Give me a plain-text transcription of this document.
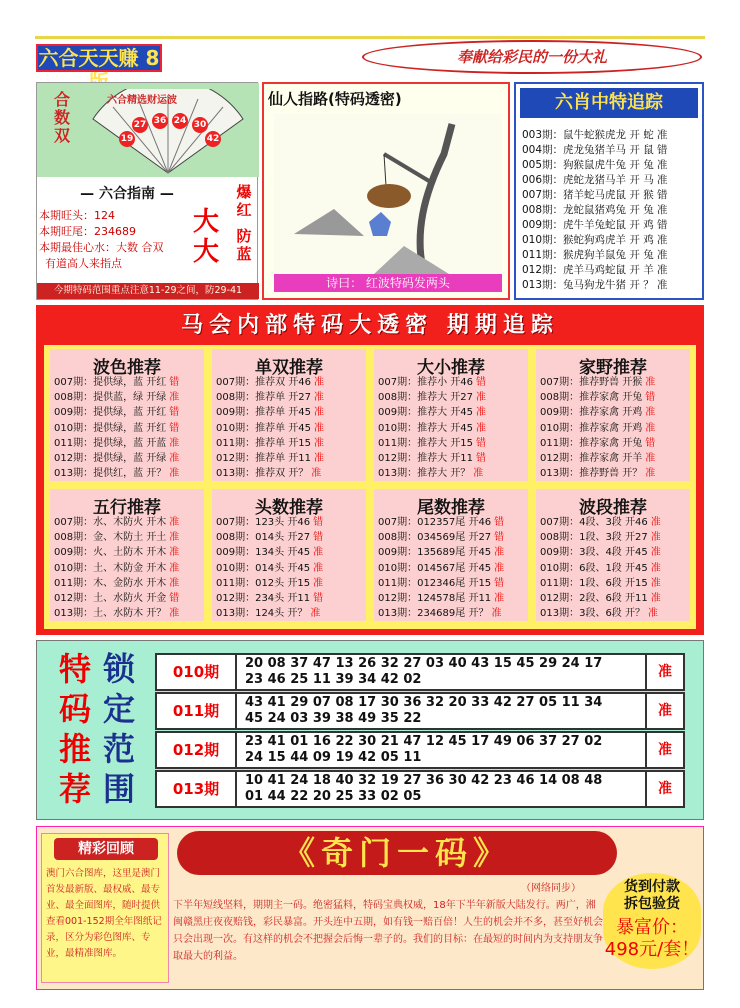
六合天天赚 8	奉献给彩民的一份大礼
合数双
六合精选财运波
27 36 24 30
19	42
— 六合指南 —
本期旺头：124
本期旺尾：234689
本期最佳心水：大数 合双
有道高人来指点
大
大
爆红
防蓝
今期特码范围重点注意11-29之间，防29-41
仙人指路(特码透密)
诗曰： 红波特码发两头
六肖中特追踪
003期：鼠牛蛇猴虎龙 开 蛇 准
004期：虎龙兔猪羊马 开 鼠 错
005期：狗猴鼠虎牛兔 开 兔 准
006期：虎蛇龙猪马羊 开 马 准
007期：猪羊蛇马虎鼠 开 猴 错
008期：龙蛇鼠猪鸡兔 开 兔 准
009期：虎牛羊兔蛇鼠 开 鸡 错
010期：猴蛇狗鸡虎羊 开 鸡 准
011期：猴虎狗羊鼠兔 开 兔 准
012期：虎羊马鸡蛇鼠 开 羊 准
013期：兔马狗龙牛猪 开 ？ 准
马会内部特码大透密 期期追踪
波色推荐
007期：提供绿，蓝 开红 错
008期：提供蓝，绿 开绿 准
009期：提供绿，蓝 开红 错
010期：提供绿，蓝 开红 错
011期：提供绿，蓝 开蓝 准
012期：提供绿，蓝 开绿 准
013期：提供红，蓝 开？ 准
单双推荐
007期：推荐双 开46 准
008期：推荐单 开27 准
009期：推荐单 开45 准
010期：推荐单 开45 准
011期：推荐单 开15 准
012期：推荐单 开11 准
013期：推荐双 开？ 准
大小推荐
007期：推荐小 开46 错
008期：推荐大 开27 准
009期：推荐大 开45 准
010期：推荐大 开45 准
011期：推荐大 开15 错
012期：推荐大 开11 错
013期：推荐大 开？ 准
家野推荐
007期：推荐野兽 开猴 准
008期：推荐家禽 开兔 错
009期：推荐家禽 开鸡 准
010期：推荐家禽 开鸡 准
011期：推荐家禽 开兔 错
012期：推荐家禽 开羊 准
013期：推荐野兽 开？ 准
五行推荐
007期：水、木防火 开木 准
008期：金、木防土 开土 准
009期：火、土防木 开木 准
010期：土、木防金 开木 准
011期：木、金防水 开木 准
012期：土、水防火 开金 错
013期：土、水防木 开？ 准
头数推荐
007期：123头 开46 错
008期：014头 开27 错
009期：134头 开45 准
010期：014头 开45 准
011期：012头 开15 准
012期：234头 开11 错
013期：124头 开？ 准
尾数推荐
007期：012357尾 开46 错
008期：034569尾 开27 错
009期：135689尾 开45 准
010期：014567尾 开45 准
011期：012346尾 开15 错
012期：124578尾 开11 准
013期：234689尾 开？ 准
波段推荐
007期：4段、3段 开46 准
008期：1段、3段 开27 准
009期：3段、4段 开45 准
010期：6段、1段 开45 准
011期：1段、6段 开15 准
012期：2段、6段 开11 准
013期：3段、6段 开？ 准
特
码
推
荐
锁
定
范
围
010期	20 08 37 47 13 26 32 27 03 40 43 15 45 29 24 17
23 46 25 11 39 34 42 02	准
011期	43 41 29 07 08 17 30 36 32 20 33 42 27 05 11 34
45 24 03 39 38 49 35 22	准
012期	23 41 01 16 22 30 21 47 12 45 17 49 06 37 27 02
24 15 44 09 19 42 05 11	准
013期	10 41 24 18 40 32 19 27 36 30 42 23 46 14 08 48
01 44 22 20 25 33 02 05	准
精彩回顾
澳门六合图库，这里是澳门首发最新版、最权威、最专业、最全面图库，随时提供查看001-152期全年图纸记录，区分为彩色图库、专业，最精准图库。
《奇门一码》
（网络同步）
下半年短线坚料，期期主一码。绝密猛料，特码宝典权威，18年下半年新版大陆发行。两广，湘闽赣黑庄夜夜赔钱，彩民暴富。开头连中五期，如有钱一赔百倍！人生的机会并不多，甚至好机会只会出现一次。有这样的机会不把握会后悔一辈子的。我们的目标：在最短的时间内为支持朋友争取最大的利益。
货到付款
拆包验货
暴富价：
498元/套！
